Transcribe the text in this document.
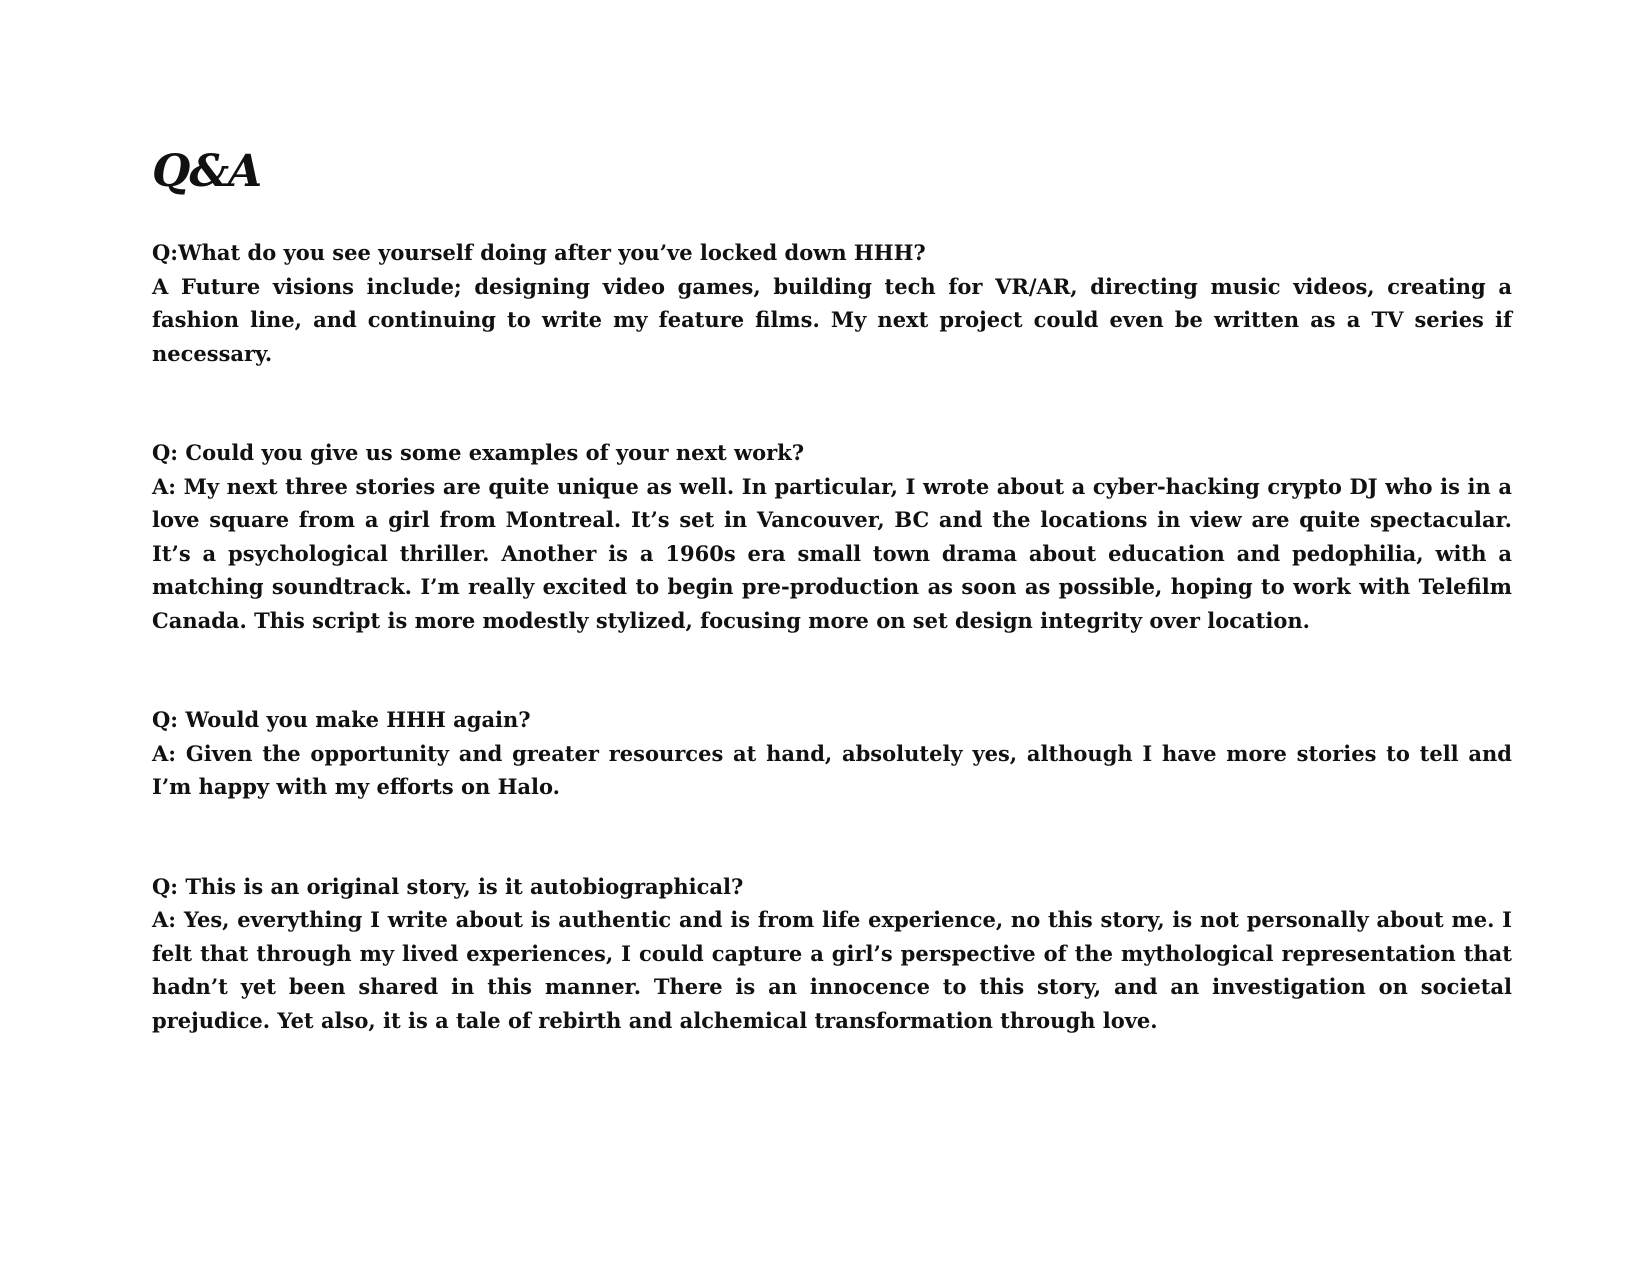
Q&A

Q:What do you see yourself doing after you’ve locked down HHH?

A Future visions include; designing video games, building tech for VR/AR, directing music videos, creating a fashion line, and continuing to write my feature films. My next project could even be written as a TV series if necessary.

Q: Could you give us some examples of your next work?

A: My next three stories are quite unique as well. In particular, I wrote about a cyber-hacking crypto DJ who is in a love square from a girl from Montreal. It’s set in Vancouver, BC and the locations in view are quite spectacular. It’s a psychological thriller. Another is a 1960s era small town drama about education and pedophilia, with a matching soundtrack. I’m really excited to begin pre-production as soon as possible, hoping to work with Telefilm Canada. This script is more modestly stylized, focusing more on set design integrity over location.

Q: Would you make HHH again?

A: Given the opportunity and greater resources at hand, absolutely yes, although I have more stories to tell and I’m happy with my efforts on Halo.

Q: This is an original story, is it autobiographical?

A: Yes, everything I write about is authentic and is from life experience, no this story, is not personally about me. I felt that through my lived experiences, I could capture a girl’s perspective of the mythological representation that hadn’t yet been shared in this manner. There is an innocence to this story, and an investigation on societal prejudice. Yet also, it is a tale of rebirth and alchemical transformation through love.
